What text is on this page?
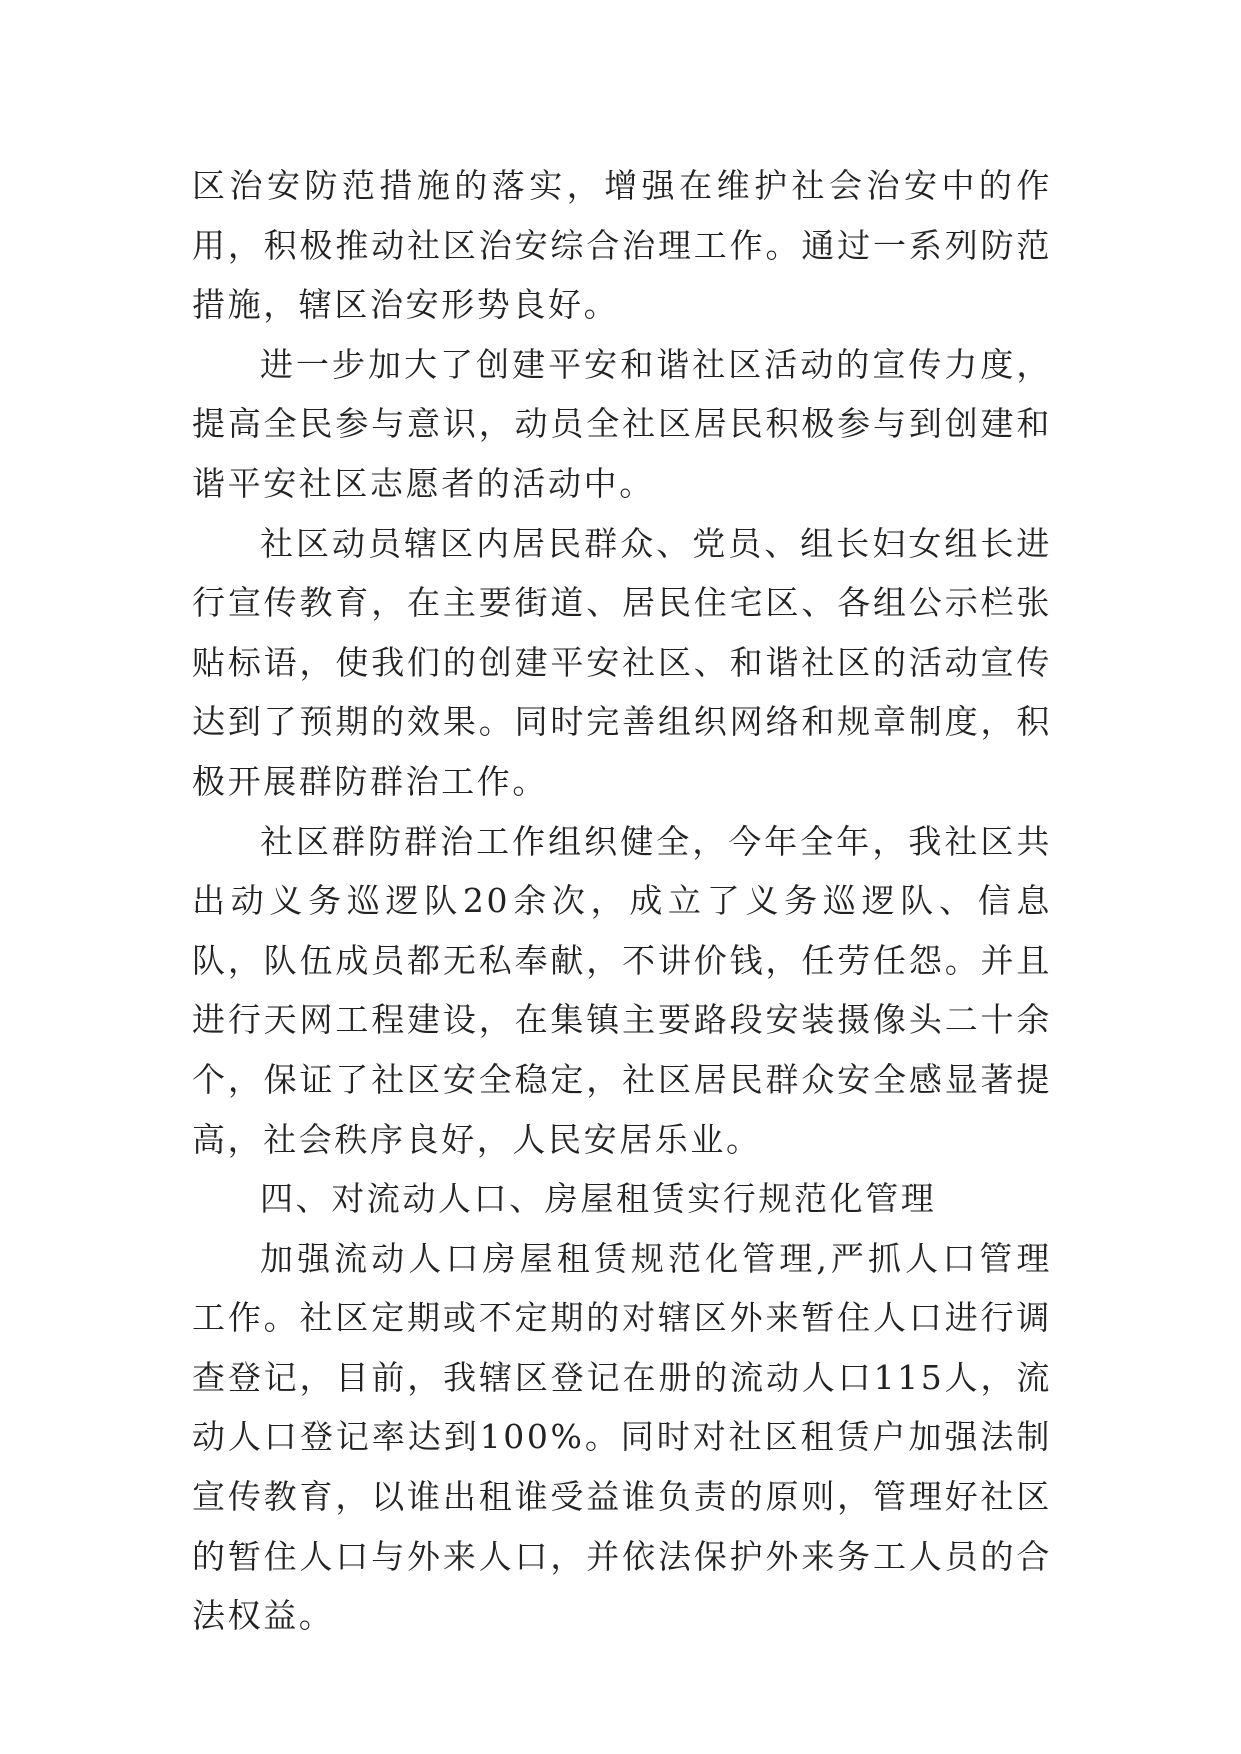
区治安防范措施的落实，增强在维护社会治安中的作用，积极推动社区治安综合治理工作。通过一系列防范措施，辖区治安形势良好。

进一步加大了创建平安和谐社区活动的宣传力度，提高全民参与意识，动员全社区居民积极参与到创建和谐平安社区志愿者的活动中。

社区动员辖区内居民群众、党员、组长妇女组长进行宣传教育，在主要街道、居民住宅区、各组公示栏张贴标语，使我们的创建平安社区、和谐社区的活动宣传达到了预期的效果。同时完善组织网络和规章制度，积极开展群防群治工作。

社区群防群治工作组织健全，今年全年，我社区共出动义务巡逻队20余次，成立了义务巡逻队、信息队，队伍成员都无私奉献，不讲价钱，任劳任怨。并且进行天网工程建设，在集镇主要路段安装摄像头二十余个，保证了社区安全稳定，社区居民群众安全感显著提高，社会秩序良好，人民安居乐业。

四、对流动人口、房屋租赁实行规范化管理

加强流动人口房屋租赁规范化管理,严抓人口管理工作。社区定期或不定期的对辖区外来暂住人口进行调查登记，目前，我辖区登记在册的流动人口115人，流动人口登记率达到100%。同时对社区租赁户加强法制宣传教育，以谁出租谁受益谁负责的原则，管理好社区的暂住人口与外来人口，并依法保护外来务工人员的合法权益。
